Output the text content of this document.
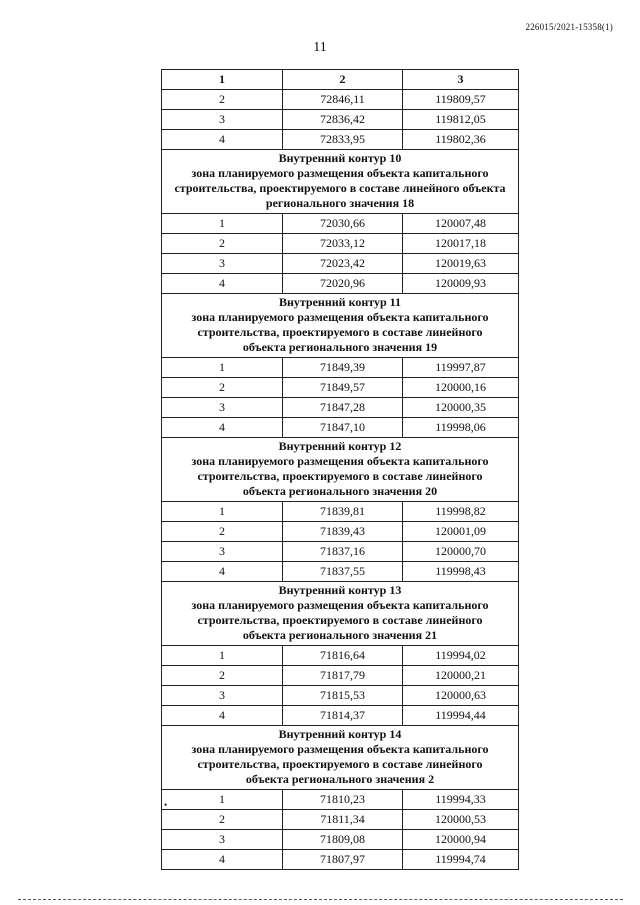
226015/2021-15358(1)
11
1	2	3
2	72846,11	119809,57
3	72836,42	119812,05
4	72833,95	119802,36

Внутренний контур 10
зона планируемого размещения объекта капитального
строительства, проектируемого в составе линейного объекта
регионального значения 18		

1	72030,66	120007,48
2	72033,12	120017,18
3	72023,42	120019,63
4	72020,96	120009,93

Внутренний контур 11
зона планируемого размещения объекта капитального
строительства, проектируемого в составе линейного
объекта регионального значения 19		

1	71849,39	119997,87
2	71849,57	120000,16
3	71847,28	120000,35
4	71847,10	119998,06

Внутренний контур 12
зона планируемого размещения объекта капитального
строительства, проектируемого в составе линейного
объекта регионального значения 20		

1	71839,81	119998,82
2	71839,43	120001,09
3	71837,16	120000,70
4	71837,55	119998,43

Внутренний контур 13
зона планируемого размещения объекта капитального
строительства, проектируемого в составе линейного
объекта регионального значения 21		

1	71816,64	119994,02
2	71817,79	120000,21
3	71815,53	120000,63
4	71814,37	119994,44

Внутренний контур 14
зона планируемого размещения объекта капитального
строительства, проектируемого в составе линейного
объекта регионального значения 2		

1	71810,23	119994,33
2	71811,34	120000,53
3	71809,08	120000,94
4	71807,97	119994,74
•
